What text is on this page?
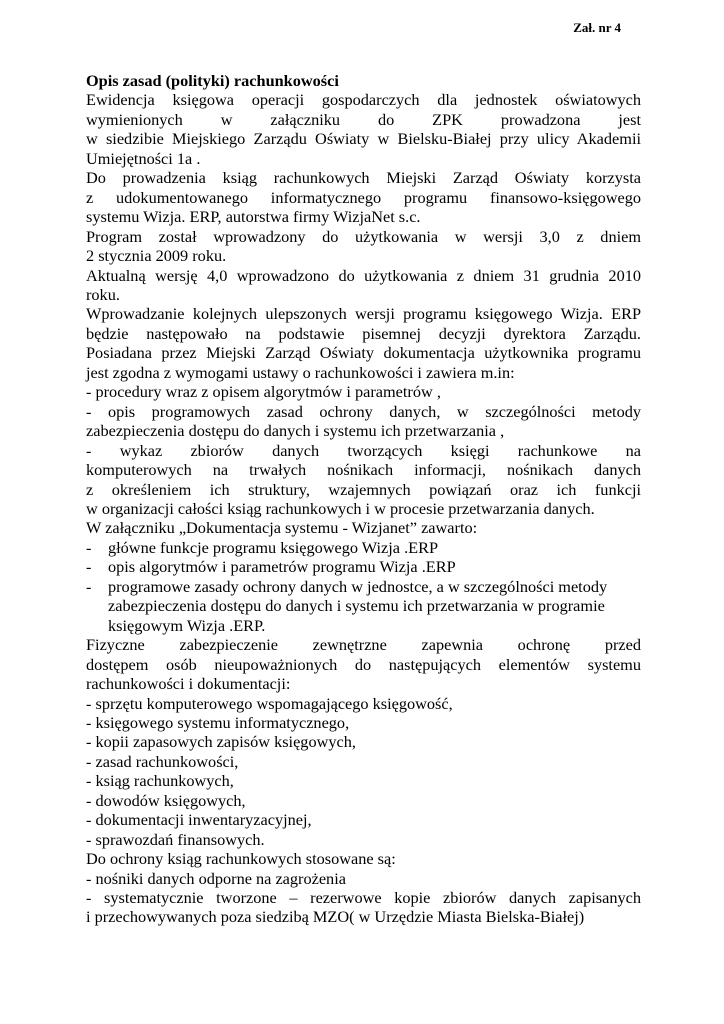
Zał. nr 4

Opis zasad (polityki) rachunkowości

Ewidencja księgowa operacji gospodarczych dla jednostek oświatowych

wymienionych w załączniku do ZPK prowadzona jest

w siedzibie Miejskiego Zarządu Oświaty w Bielsku-Białej przy ulicy Akademii

Umiejętności 1a .

Do prowadzenia ksiąg rachunkowych Miejski Zarząd Oświaty korzysta

z udokumentowanego informatycznego programu finansowo-księgowego

systemu Wizja. ERP, autorstwa firmy WizjaNet s.c.

Program został wprowadzony do użytkowania w wersji 3,0 z dniem

2 stycznia 2009 roku.

Aktualną wersję 4,0 wprowadzono do użytkowania z dniem 31 grudnia 2010

roku.

Wprowadzanie kolejnych ulepszonych wersji programu księgowego Wizja. ERP

będzie następowało na podstawie pisemnej decyzji dyrektora Zarządu.

Posiadana przez Miejski Zarząd Oświaty dokumentacja użytkownika programu

jest zgodna z wymogami ustawy o rachunkowości i zawiera m.in:

- procedury wraz z opisem algorytmów i parametrów ,

- opis programowych zasad ochrony danych, w szczególności metody

zabezpieczenia dostępu do danych i systemu ich przetwarzania ,

- wykaz zbiorów danych tworzących księgi rachunkowe na

komputerowych na trwałych nośnikach informacji, nośnikach danych

z określeniem ich struktury, wzajemnych powiązań oraz ich funkcji

w organizacji całości ksiąg rachunkowych i w procesie przetwarzania danych.

W załączniku „Dokumentacja systemu - Wizjanet” zawarto:

-	główne funkcje programu księgowego Wizja .ERP
-	opis algorytmów i parametrów programu Wizja .ERP
-	programowe zasady ochrony danych w jednostce, a w szczególności metody
zabezpieczenia dostępu do danych i systemu ich przetwarzania w programie
księgowym Wizja .ERP.

Fizyczne zabezpieczenie zewnętrzne zapewnia ochronę przed

dostępem osób nieupoważnionych do następujących elementów systemu

rachunkowości i dokumentacji:

- sprzętu komputerowego wspomagającego księgowość,

- księgowego systemu informatycznego,

- kopii zapasowych zapisów księgowych,

- zasad rachunkowości,

- ksiąg rachunkowych,

- dowodów księgowych,

- dokumentacji inwentaryzacyjnej,

- sprawozdań finansowych.

Do ochrony ksiąg rachunkowych stosowane są:

- nośniki danych odporne na zagrożenia

- systematycznie tworzone – rezerwowe kopie zbiorów danych zapisanych

i przechowywanych poza siedzibą MZO( w Urzędzie Miasta Bielska-Białej)
